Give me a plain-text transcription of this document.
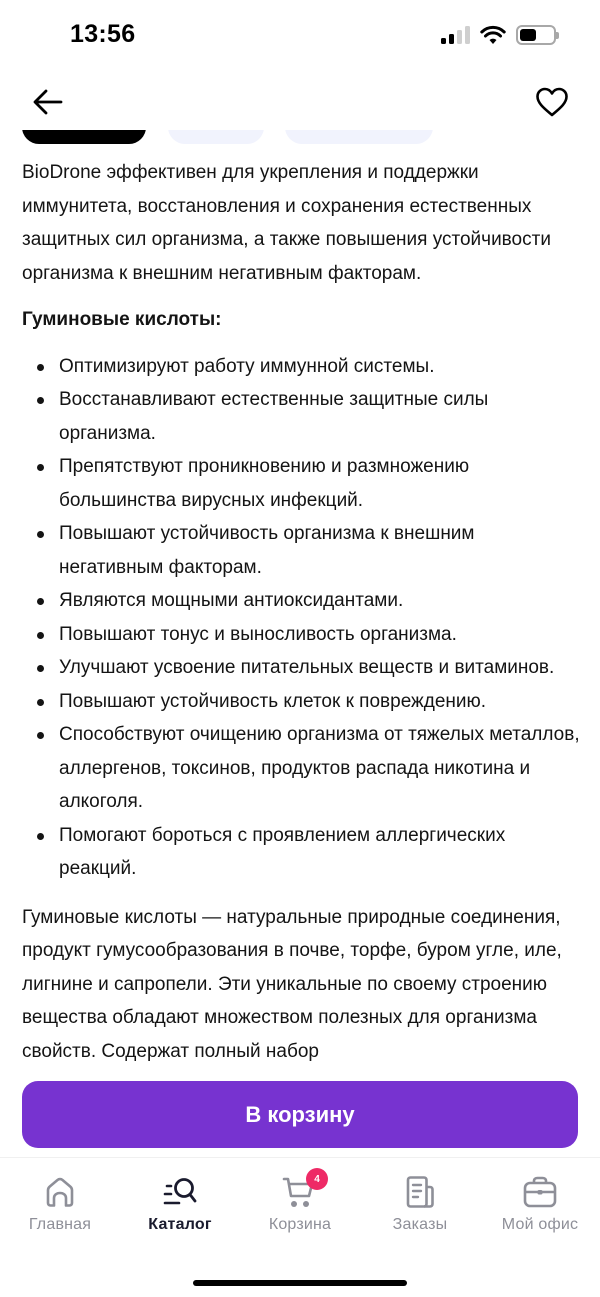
13:56

BioDrone эффективен для укрепления и поддержки иммунитета, восстановления и сохранения естественных защитных сил организма, а также повышения устойчивости организма к внешним негативным факторам.

Гуминовые кислоты:
Оптимизируют работу иммунной системы.
Восстанавливают естественные защитные силы организма.
Препятствуют проникновению и размножению большинства вирусных инфекций.
Повышают устойчивость организма к внешним негативным факторам.
Являются мощными антиоксидантами.
Повышают тонус и выносливость организма.
Улучшают усвоение питательных веществ и витаминов.
Повышают устойчивость клеток к повреждению.
Способствуют очищению организма от тяжелых металлов, аллергенов, токсинов, продуктов распада никотина и алкоголя.
Помогают бороться с проявлением аллергических реакций.

Гуминовые кислоты — натуральные природные соединения, продукт гумусообразования в почве, торфе, буром угле, иле, лигнине и сапропели. Эти уникальные по своему строению вещества обладают множеством полезных для организма свойств. Содержат полный набор

В корзину
Главная	Каталог
4
Корзина	Заказы	Мой офис
